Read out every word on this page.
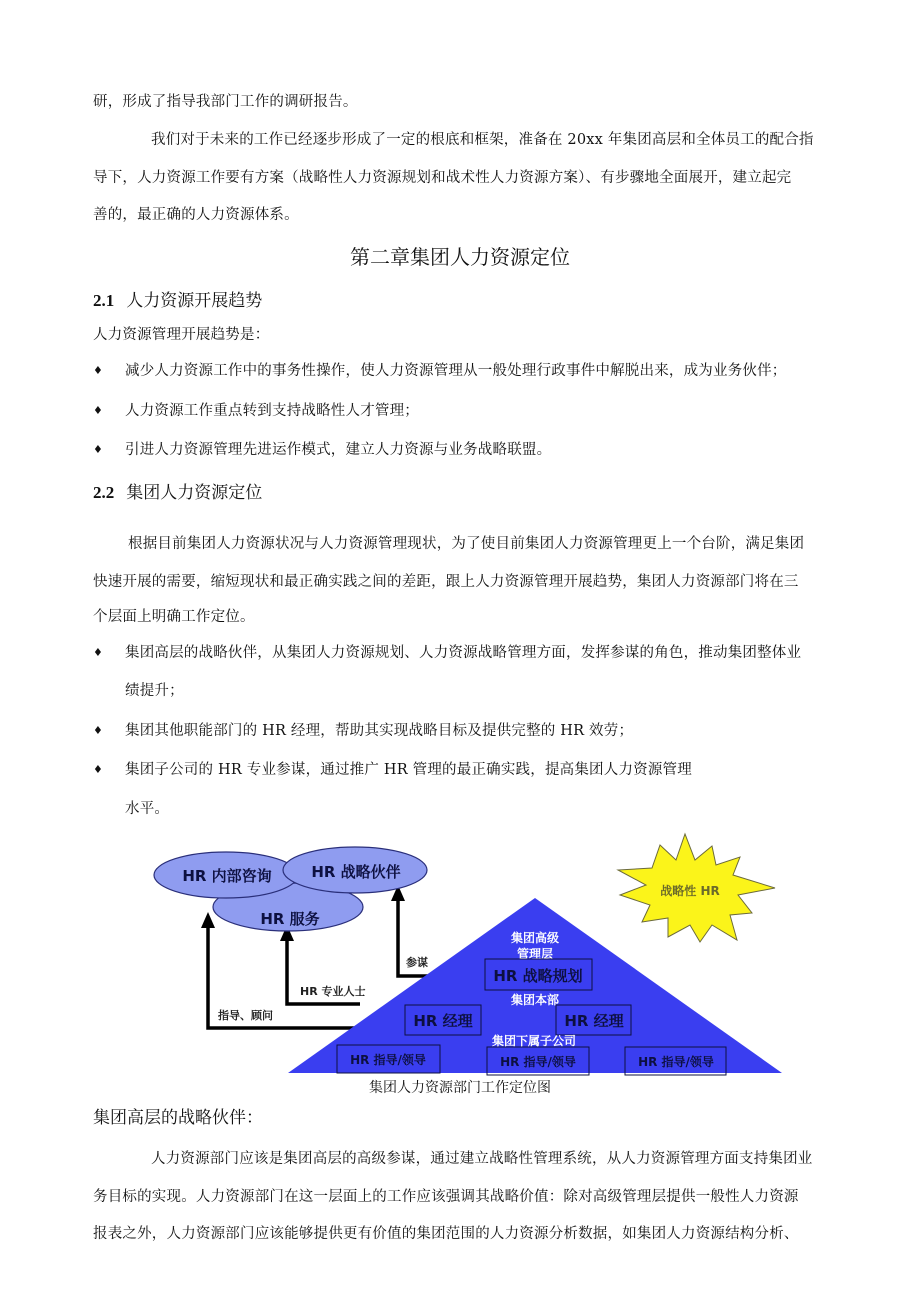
研，形成了指导我部门工作的调研报告。
我们对于未来的工作已经逐步形成了一定的根底和框架，准备在 20xx 年集团高层和全体员工的配合指
导下，人力资源工作要有方案（战略性人力资源规划和战术性人力资源方案）、有步骤地全面展开，建立起完
善的，最正确的人力资源体系。
第二章集团人力资源定位
2.1 人力资源开展趋势
人力资源管理开展趋势是：
♦ 减少人力资源工作中的事务性操作，使人力资源管理从一般处理行政事件中解脱出来，成为业务伙伴；
♦ 人力资源工作重点转到支持战略性人才管理；
♦ 引进人力资源管理先进运作模式，建立人力资源与业务战略联盟。
2.2 集团人力资源定位
根据目前集团人力资源状况与人力资源管理现状，为了使目前集团人力资源管理更上一个台阶，满足集团
快速开展的需要，缩短现状和最正确实践之间的差距，跟上人力资源管理开展趋势，集团人力资源部门将在三
个层面上明确工作定位。
♦ 集团高层的战略伙伴，从集团人力资源规划、人力资源战略管理方面，发挥参谋的角色，推动集团整体业
绩提升；
♦ 集团其他职能部门的 HR 经理，帮助其实现战略目标及提供完整的 HR 效劳；
♦ 集团子公司的 HR 专业参谋，通过推广 HR 管理的最正确实践，提高集团人力资源管理
水平。
战略性 HR
参谋
HR 专业人士
指导、顾问
HR 内部咨询	HR 战略伙伴
HR 服务
集团高级
管理层
HR 战略规划
集团本部
HR 经理	HR 经理
集团下属子公司
HR 指导/领导	HR 指导/领导	HR 指导/领导
集团人力资源部门工作定位图
集团高层的战略伙伴：
人力资源部门应该是集团高层的高级参谋，通过建立战略性管理系统，从人力资源管理方面支持集团业
务目标的实现。人力资源部门在这一层面上的工作应该强调其战略价值：除对高级管理层提供一般性人力资源
报表之外，人力资源部门应该能够提供更有价值的集团范围的人力资源分析数据，如集团人力资源结构分析、
